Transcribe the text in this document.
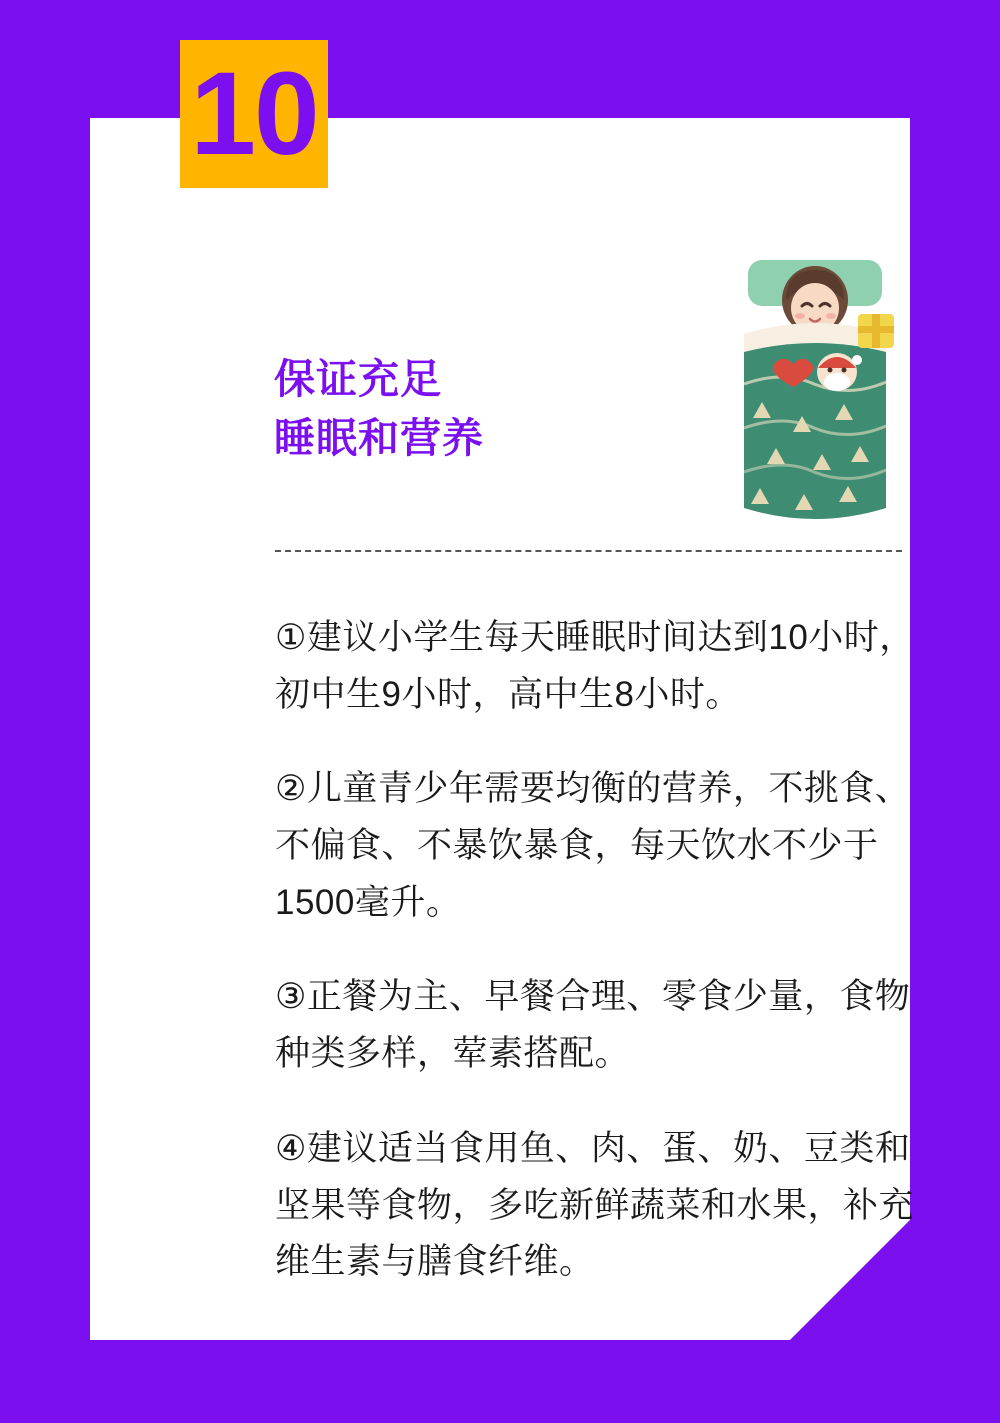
保证充足
睡眠和营养

①建议小学生每天睡眠时间达到10小时，初中生9小时，高中生8小时。

②儿童青少年需要均衡的营养，不挑食、不偏食、不暴饮暴食，每天饮水不少于1500毫升。

③正餐为主、早餐合理、零食少量，食物种类多样，荤素搭配。

④建议适当食用鱼、肉、蛋、奶、豆类和坚果等食物，多吃新鲜蔬菜和水果，补充维生素与膳食纤维。

10
